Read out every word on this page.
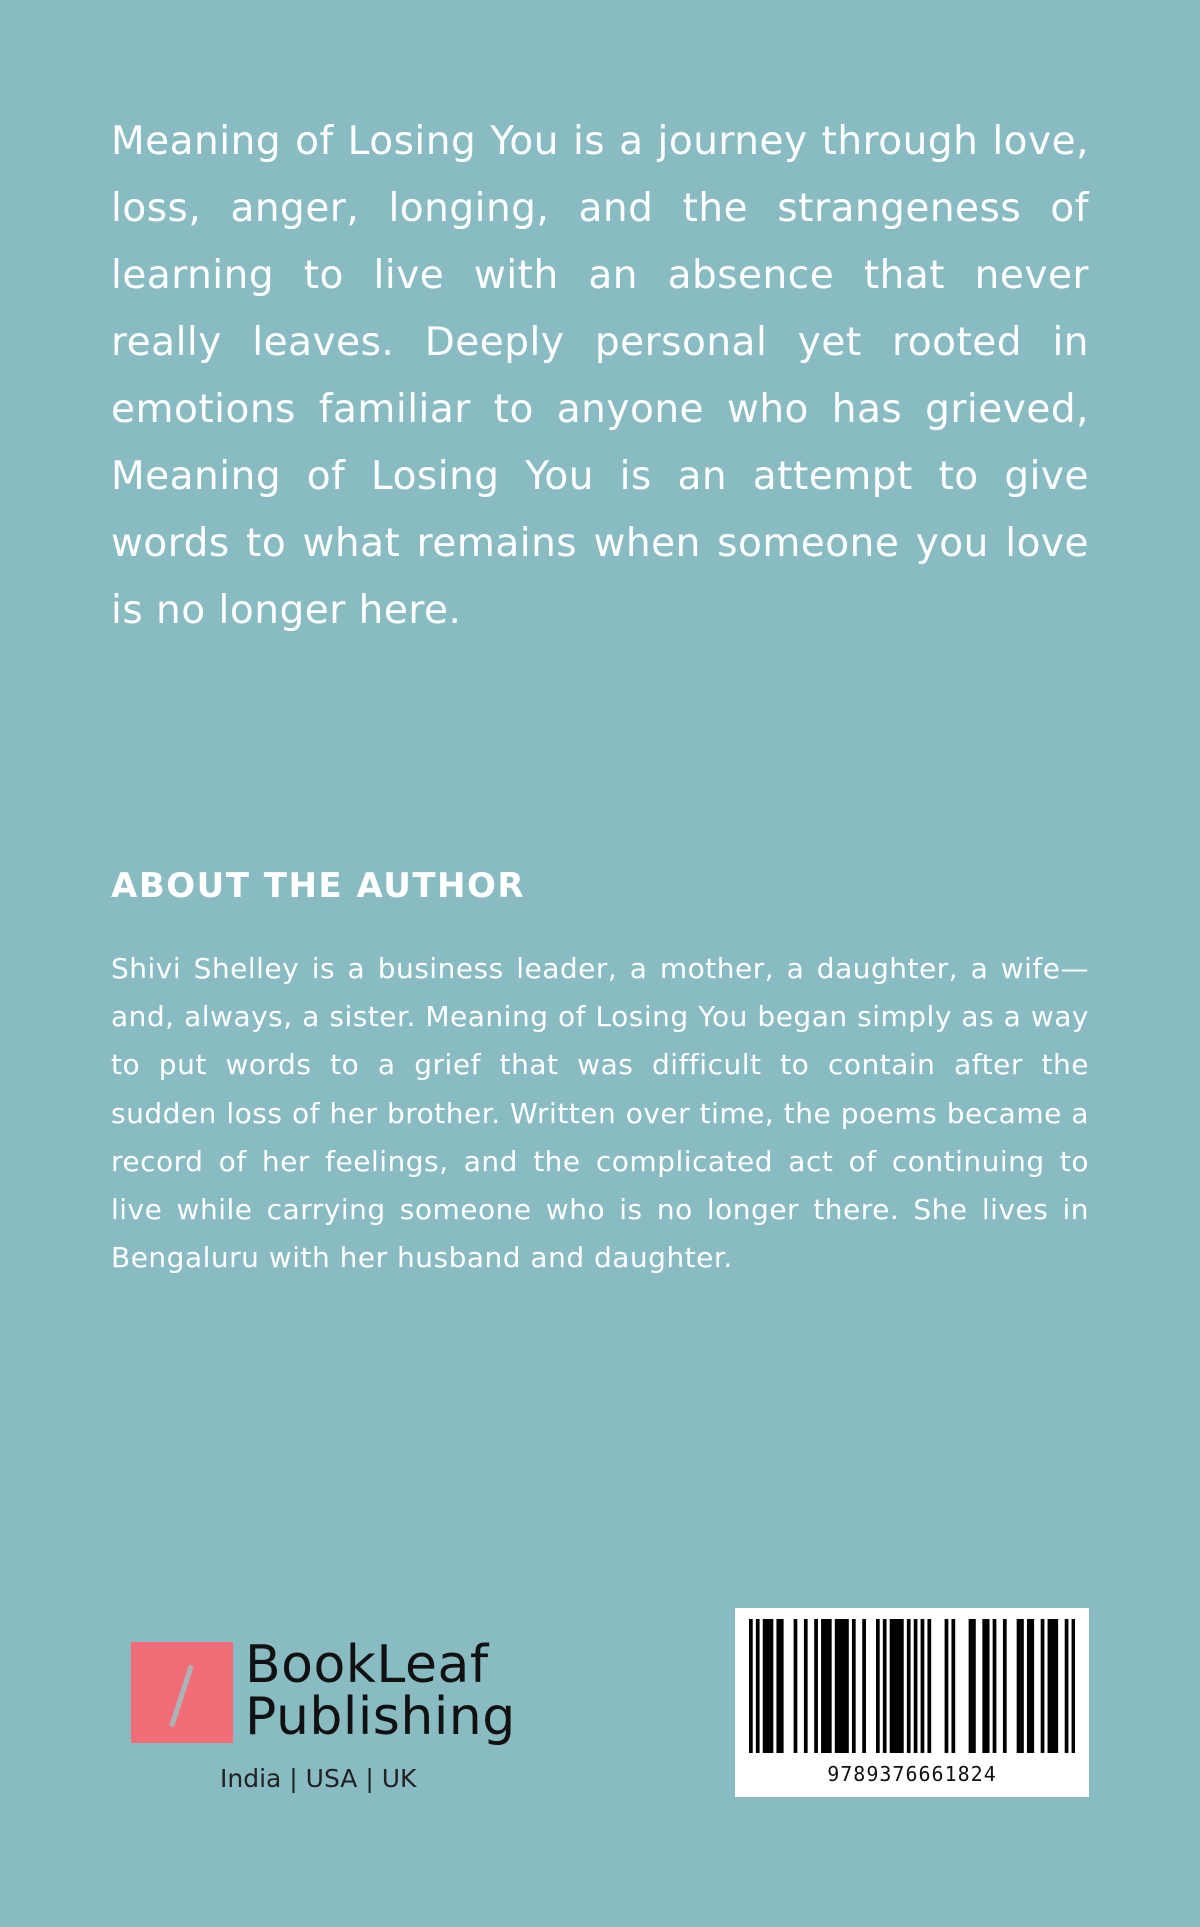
Meaning of Losing You is a journey through love, loss, anger, longing, and the strangeness of learning to live with an absence that never really leaves. Deeply personal yet rooted in emotions familiar to anyone who has grieved, Meaning of Losing You is an attempt to give words to what remains when someone you love is no longer here.

ABOUT THE AUTHOR

Shivi Shelley is a business leader, a mother, a daughter, a wife—and, always, a sister. Meaning of Losing You began simply as a way to put words to a grief that was difficult to contain after the sudden loss of her brother. Written over time, the poems became a record of her feelings, and the complicated act of continuing to live while carrying someone who is no longer there. She lives in Bengaluru with her husband and daughter.

BookLeaf
Publishing
India | USA | UK	9789376661824
